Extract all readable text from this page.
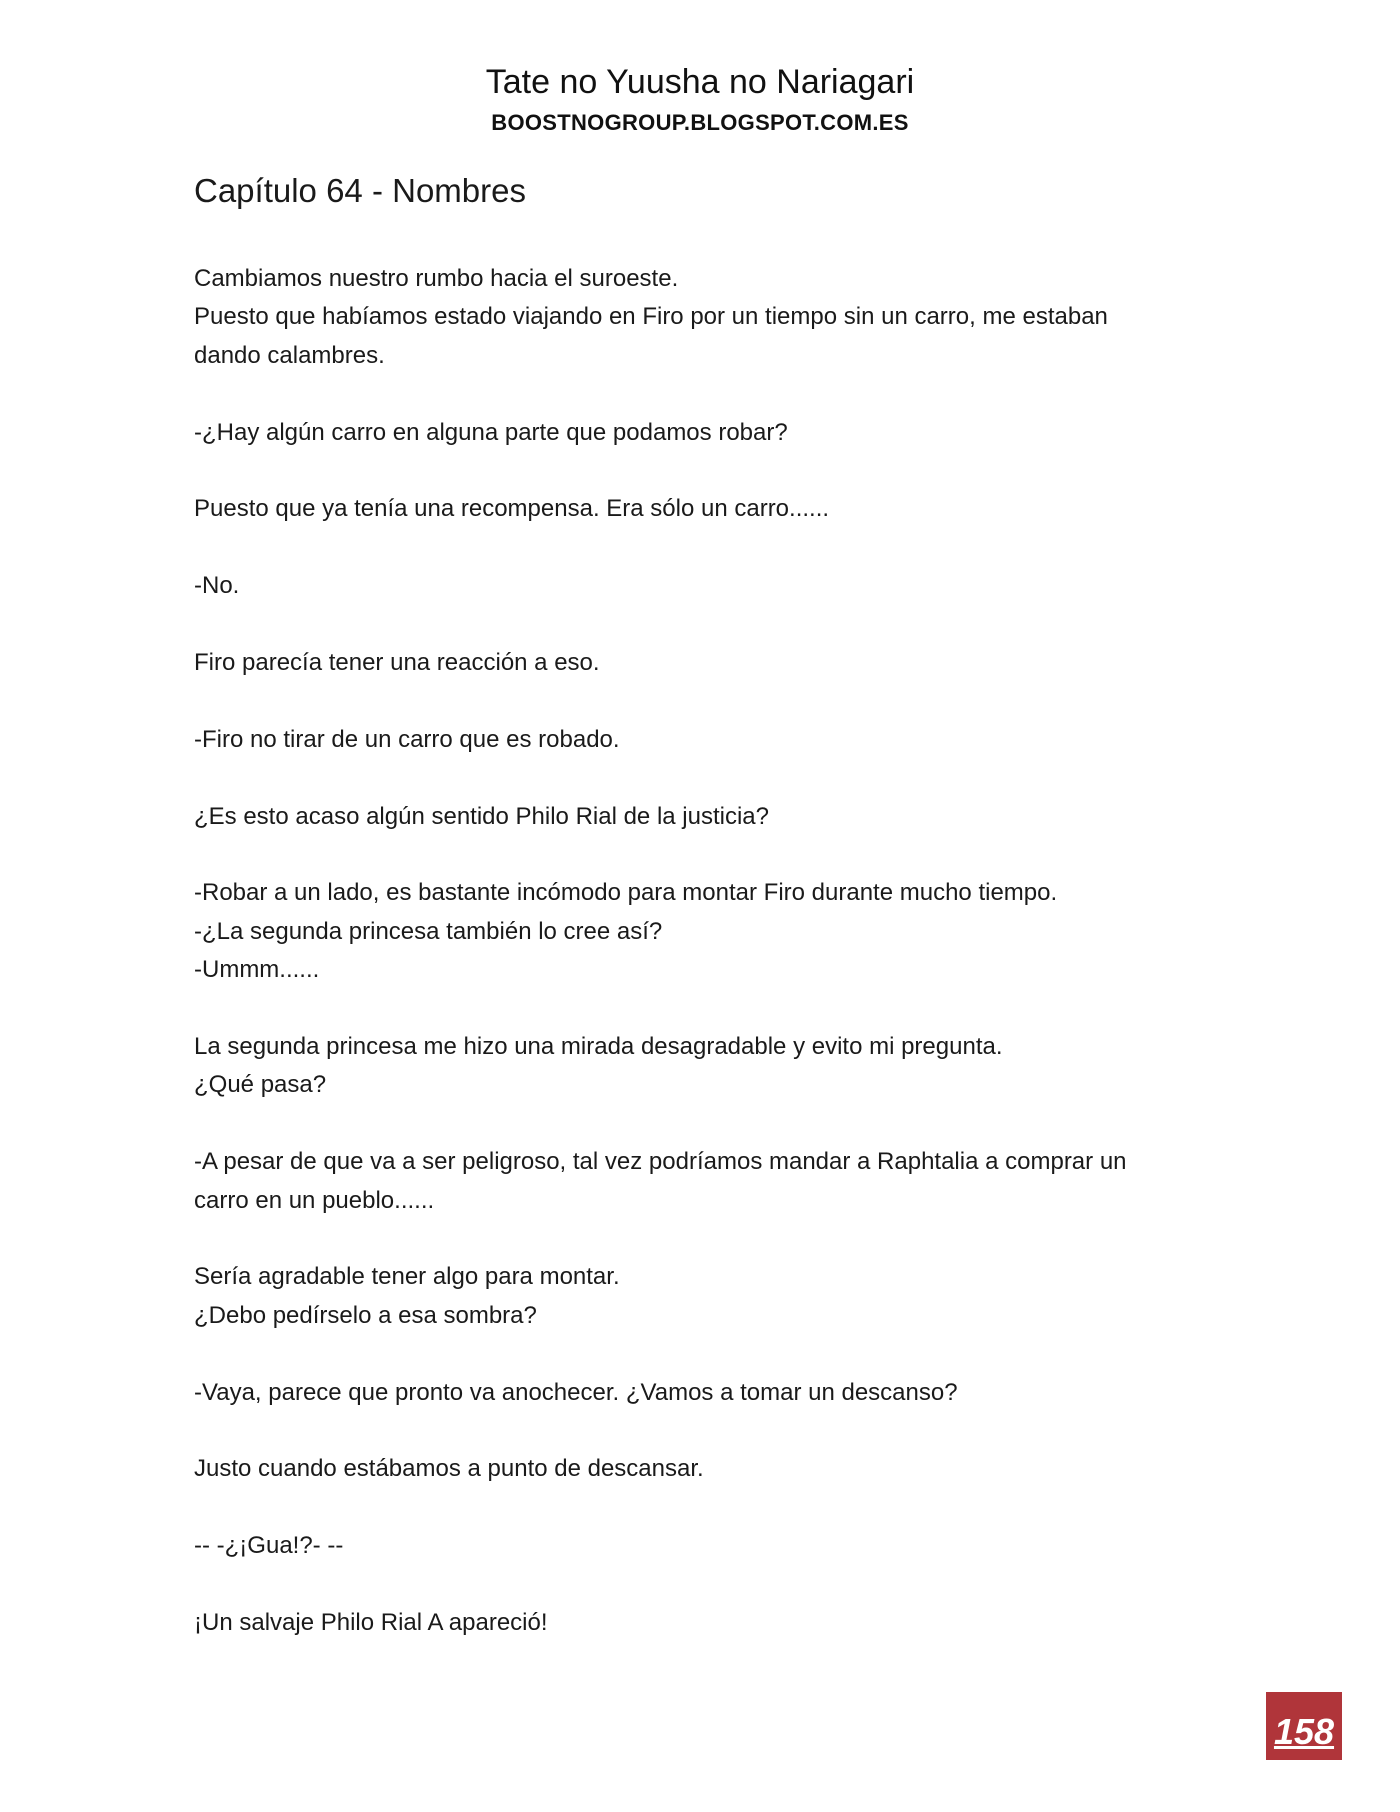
Tate no Yuusha no Nariagari
BOOSTNOGROUP.BLOGSPOT.COM.ES
Capítulo 64 - Nombres
Cambiamos nuestro rumbo hacia el suroeste.
Puesto que habíamos estado viajando en Firo por un tiempo sin un carro, me estaban dando calambres.
-¿Hay algún carro en alguna parte que podamos robar?
Puesto que ya tenía una recompensa. Era sólo un carro......
-No.
Firo parecía tener una reacción a eso.
-Firo no tirar de un carro que es robado.
¿Es esto acaso algún sentido Philo Rial de la justicia?
-Robar a un lado, es bastante incómodo para montar Firo durante mucho tiempo.
-¿La segunda princesa también lo cree así?
-Ummm......
La segunda princesa me hizo una mirada desagradable y evito mi pregunta.
¿Qué pasa?
-A pesar de que va a ser peligroso, tal vez podríamos mandar a Raphtalia a comprar un carro en un pueblo......
Sería agradable tener algo para montar.
¿Debo pedírselo a esa sombra?
-Vaya, parece que pronto va anochecer. ¿Vamos a tomar un descanso?
Justo cuando estábamos a punto de descansar.
-- -¿¡Gua!?- --
¡Un salvaje Philo Rial A apareció!
158
